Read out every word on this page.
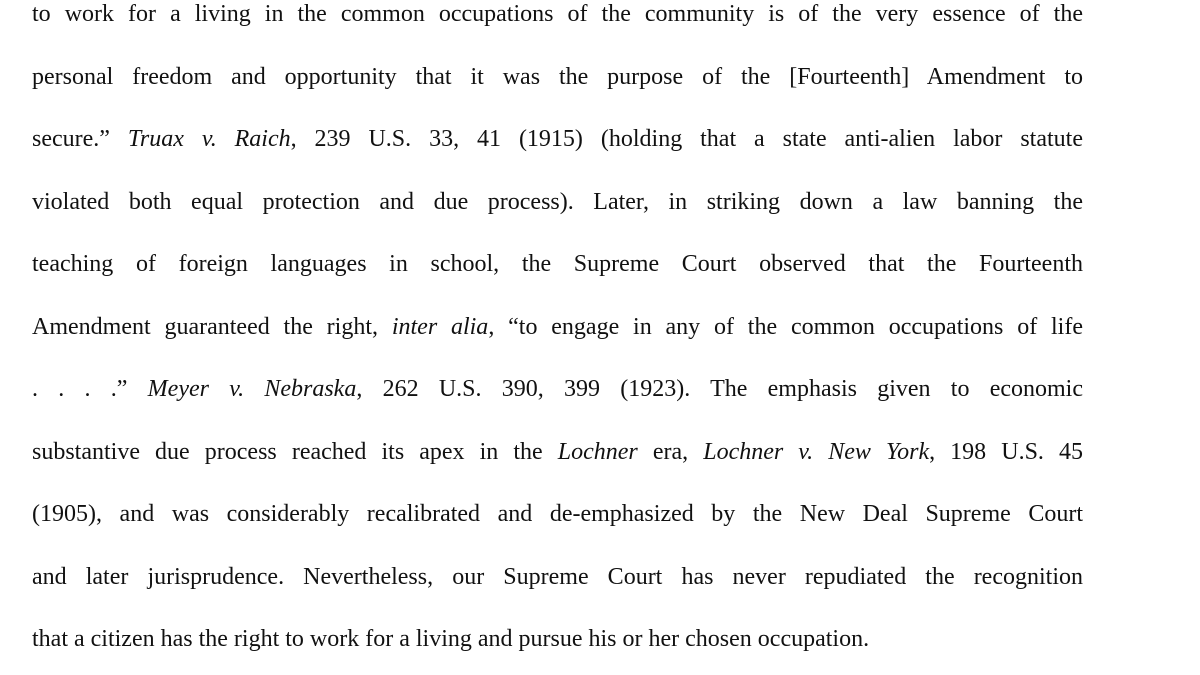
to work for a living in the common occupations of the community is of the very essence of the
personal freedom and opportunity that it was the purpose of the [Fourteenth] Amendment to
secure.” Truax v. Raich, 239 U.S. 33, 41 (1915) (holding that a state anti-alien labor statute
violated both equal protection and due process). Later, in striking down a law banning the
teaching of foreign languages in school, the Supreme Court observed that the Fourteenth
Amendment guaranteed the right, inter alia, “to engage in any of the common occupations of life
. . . .” Meyer v. Nebraska, 262 U.S. 390, 399 (1923). The emphasis given to economic
substantive due process reached its apex in the Lochner era, Lochner v. New York, 198 U.S. 45
(1905), and was considerably recalibrated and de-emphasized by the New Deal Supreme Court
and later jurisprudence. Nevertheless, our Supreme Court has never repudiated the recognition
that a citizen has the right to work for a living and pursue his or her chosen occupation.
